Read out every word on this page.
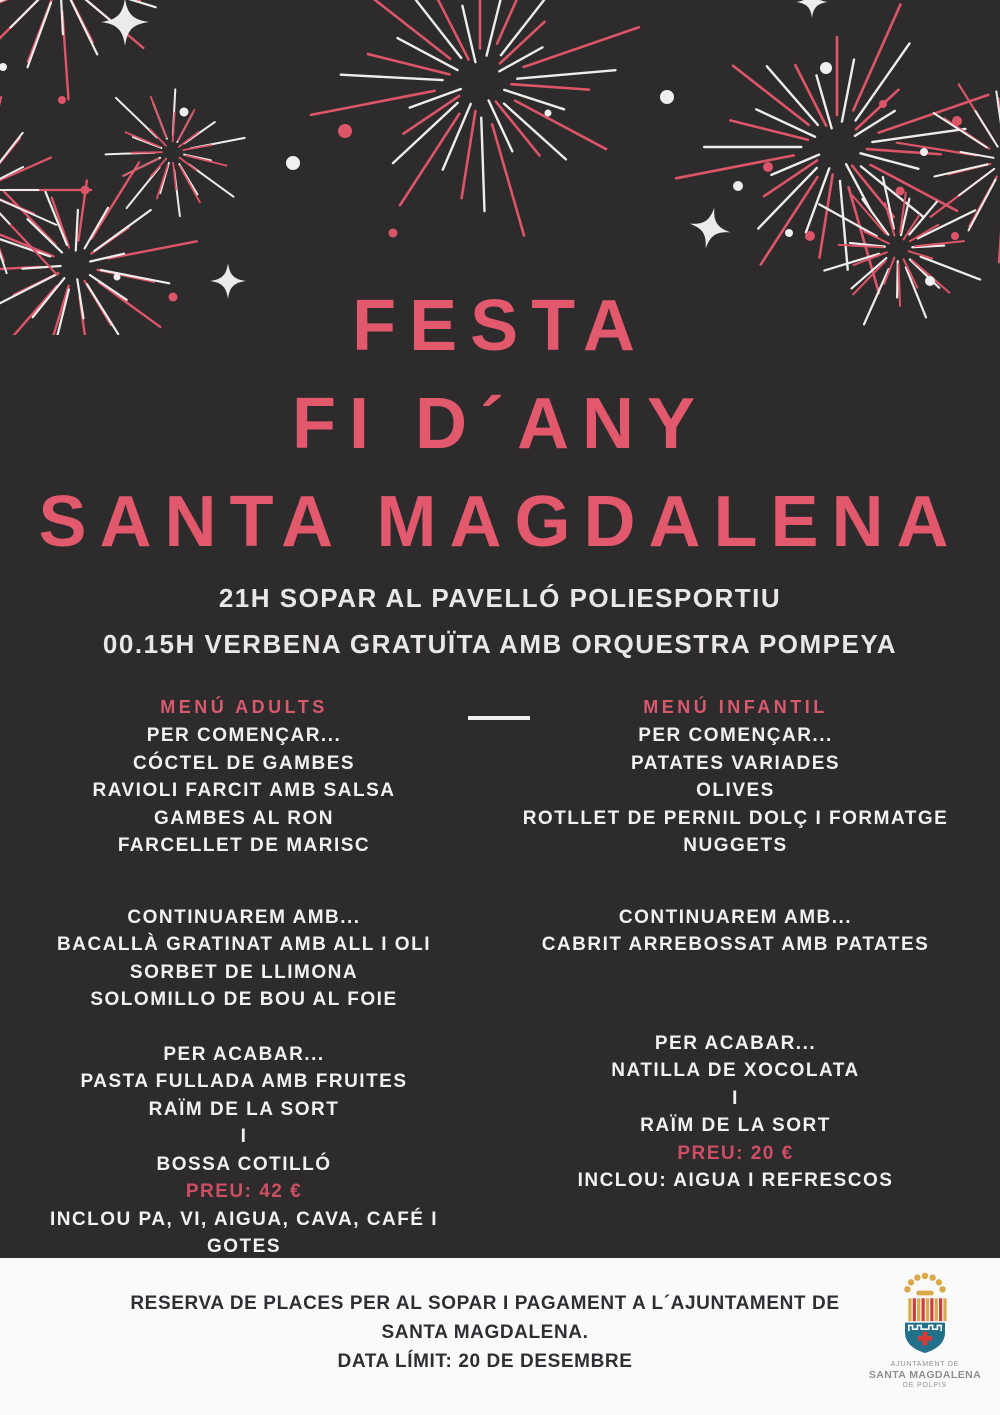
FESTA
FI D´ANY
SANTA MAGDALENA

21H SOPAR AL PAVELLÓ POLIESPORTIU

00.15H VERBENA GRATUÏTA AMB ORQUESTRA POMPEYA

MENÚ ADULTS
PER COMENÇAR...
CÓCTEL DE GAMBES
RAVIOLI FARCIT AMB SALSA
GAMBES AL RON
FARCELLET DE MARISC
CONTINUAREM AMB...
BACALLÀ GRATINAT AMB ALL I OLI
SORBET DE LLIMONA
SOLOMILLO DE BOU AL FOIE
PER ACABAR...
PASTA FULLADA AMB FRUITES
RAÏM DE LA SORT
I
BOSSA COTILLÓ
PREU: 42 €
INCLOU PA, VI, AIGUA, CAVA, CAFÉ I GOTES
MENÚ INFANTIL
PER COMENÇAR...
PATATES VARIADES
OLIVES
ROTLLET DE PERNIL DOLÇ I FORMATGE
NUGGETS
CONTINUAREM AMB...
CABRIT ARREBOSSAT AMB PATATES
PER ACABAR...
NATILLA DE XOCOLATA
I
RAÏM DE LA SORT
PREU: 20 €
INCLOU: AIGUA I REFRESCOS

RESERVA DE PLACES PER AL SOPAR I PAGAMENT A L´AJUNTAMENT DE

SANTA MAGDALENA.

DATA LÍMIT: 20 DE DESEMBRE	AJUNTAMENT DE
SANTA MAGDALENA
DE POLPIS
